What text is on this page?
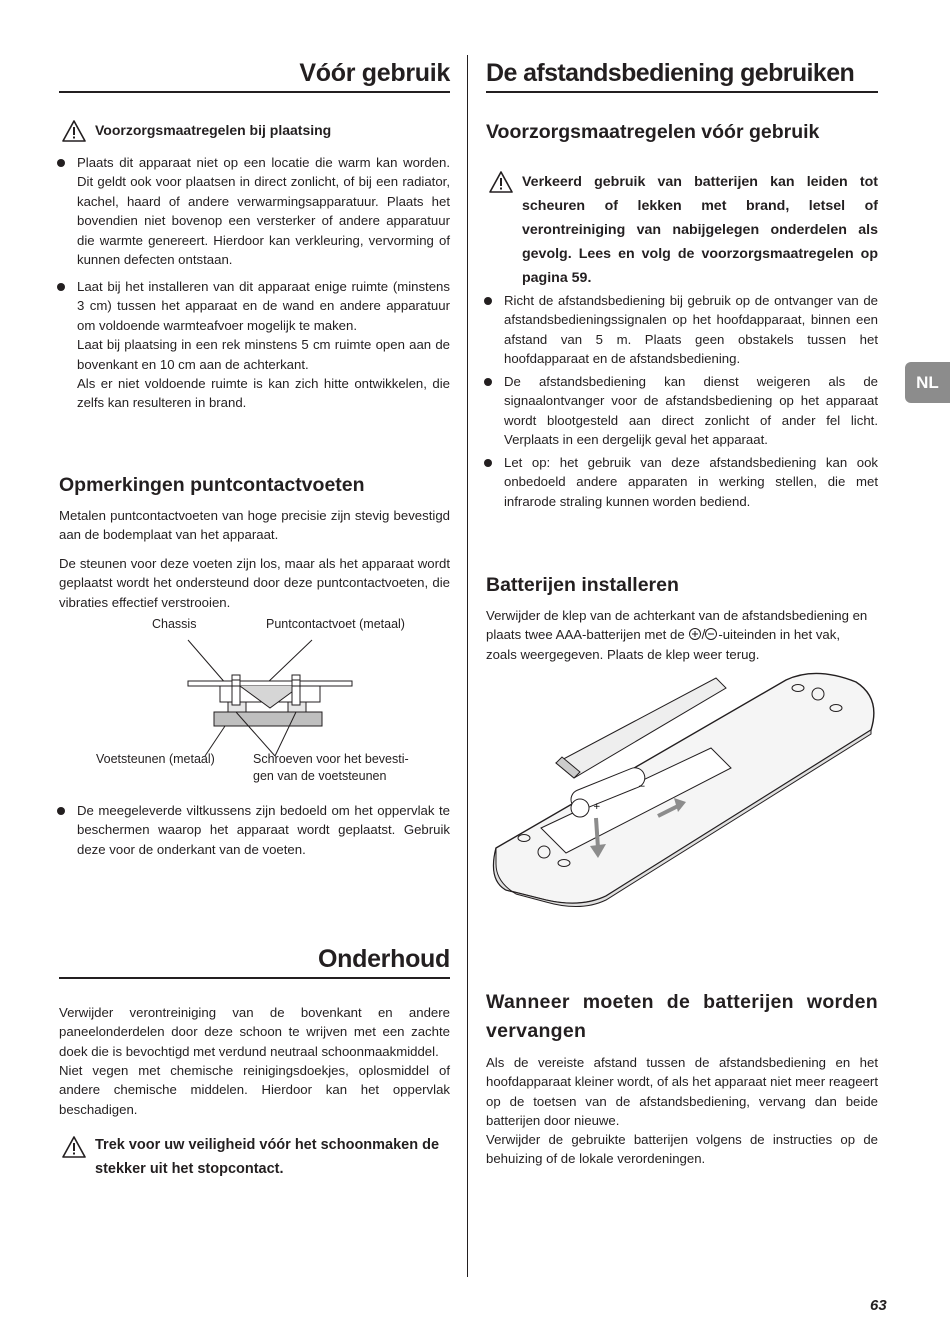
Vóór gebruik
Voorzorgsmaatregelen bij plaatsing
Plaats dit apparaat niet op een locatie die warm kan worden. Dit geldt ook voor plaatsen in direct zonlicht, of bij een radiator, kachel, haard of andere verwarmingsapparatuur. Plaats het bovendien niet bovenop een versterker of andere apparatuur die warmte genereert. Hierdoor kan verkleuring, vervorming of kunnen defecten ontstaan.
Laat bij het installeren van dit apparaat enige ruimte (minstens 3 cm) tussen het apparaat en de wand en andere apparatuur om voldoende warmteafvoer mogelijk te maken.
Laat bij plaatsing in een rek minstens 5 cm ruimte open aan de bovenkant en 10 cm aan de achterkant.
Als er niet voldoende ruimte is kan zich hitte ontwikkelen, die zelfs kan resulteren in brand.
Opmerkingen puntcontactvoeten

Metalen puntcontactvoeten van hoge precisie zijn stevig bevestigd aan de bodemplaat van het apparaat.

De steunen voor deze voeten zijn los, maar als het apparaat wordt geplaatst wordt het ondersteund door deze puntcontactvoeten, die vibraties effectief verstrooien.

Chassis	Puntcontactvoet (metaal)
Voetsteunen (metaal)	Schroeven voor het bevesti-
gen van de voetsteunen
De meegeleverde viltkussens zijn bedoeld om het oppervlak te beschermen waarop het apparaat wordt geplaatst. Gebruik deze voor de onderkant van de voeten.
Onderhoud

Verwijder verontreiniging van de bovenkant en andere paneelonderdelen door deze schoon te wrijven met een zachte doek die is bevochtigd met verdund neutraal schoonmaakmiddel.

Niet vegen met chemische reinigingsdoekjes, oplosmiddel of andere chemische middelen. Hierdoor kan het oppervlak beschadigen.

Trek voor uw veiligheid vóór het schoonmaken de
stekker uit het stopcontact.
De afstandsbediening gebruiken
Voorzorgsmaatregelen vóór gebruik
Verkeerd gebruik van batterijen kan leiden tot scheuren of lekken met brand, letsel of verontreiniging van nabijgelegen onderdelen als gevolg. Lees en volg de voorzorgsmaatregelen op pagina 59.
Richt de afstandsbediening bij gebruik op de ontvanger van de afstandsbedieningssignalen op het hoofdapparaat, binnen een afstand van 5 m. Plaats geen obstakels tussen het hoofdapparaat en de afstandsbediening.
De afstandsbediening kan dienst weigeren als de signaalontvanger voor de afstandsbediening op het apparaat wordt blootgesteld aan direct zonlicht of ander fel licht. Verplaats in een dergelijk geval het apparaat.
Let op: het gebruik van deze afstandsbediening kan ook onbedoeld andere apparaten in werking stellen, die met infrarode straling kunnen worden bediend.
Batterijen installeren
Verwijder de klep van de achterkant van de afstandsbediening en
plaats twee AAA-batterijen met de -uiteinden in het vak,
zoals weergegeven. Plaats de klep weer terug.
+
−
Wanneer moeten de batterijen worden vervangen

Als de vereiste afstand tussen de afstandsbediening en het hoofdapparaat kleiner wordt, of als het apparaat niet meer reageert op de toetsen van de afstandsbediening, vervang dan beide batterijen door nieuwe.

Verwijder de gebruikte batterijen volgens de instructies op de behuizing of de lokale verordeningen.

NL
63
